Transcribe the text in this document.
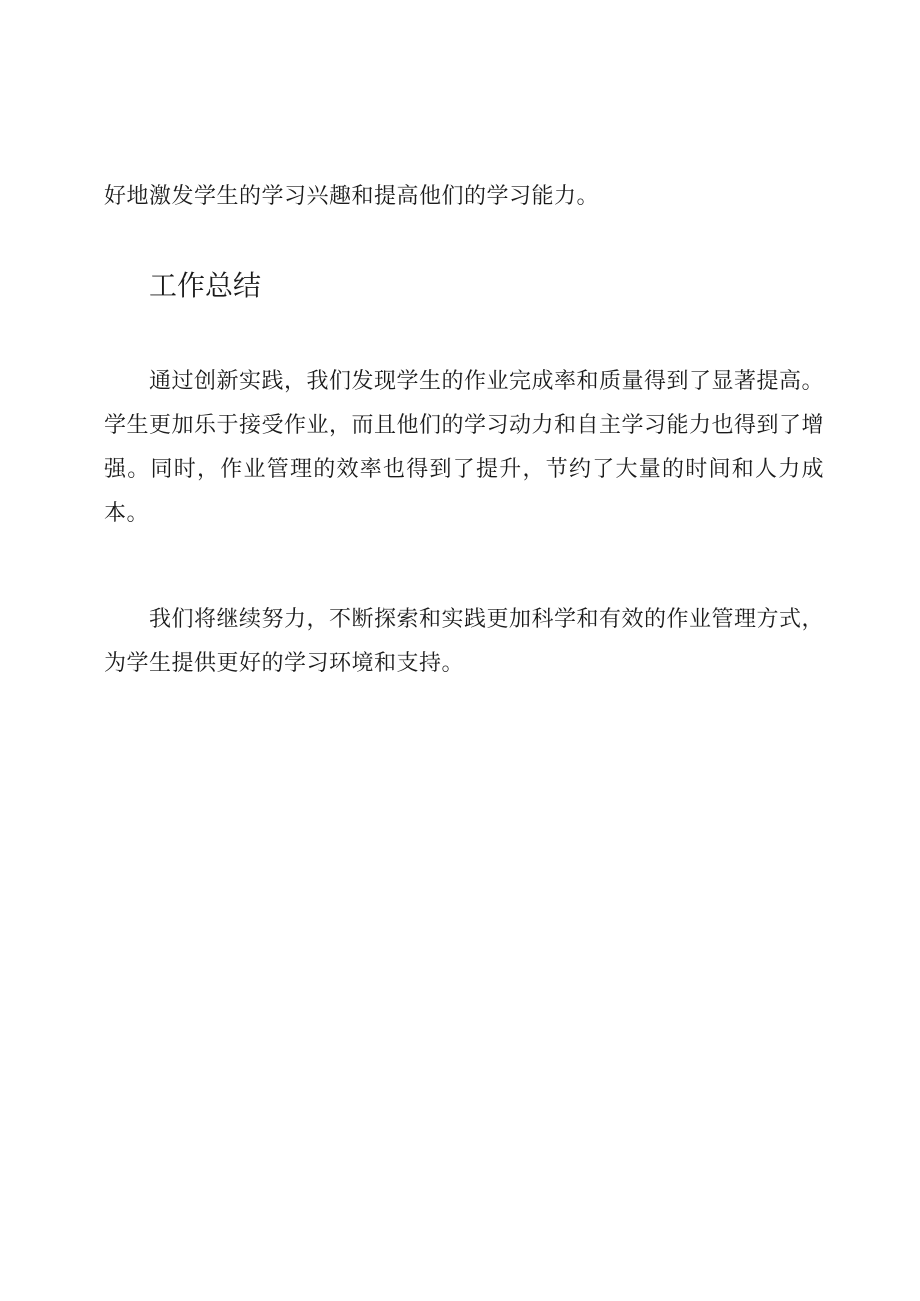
好地激发学生的学习兴趣和提高他们的学习能力。

工作总结

通过创新实践，我们发现学生的作业完成率和质量得到了显著提高。学生更加乐于接受作业，而且他们的学习动力和自主学习能力也得到了增强。同时，作业管理的效率也得到了提升，节约了大量的时间和人力成本。

我们将继续努力，不断探索和实践更加科学和有效的作业管理方式，为学生提供更好的学习环境和支持。
